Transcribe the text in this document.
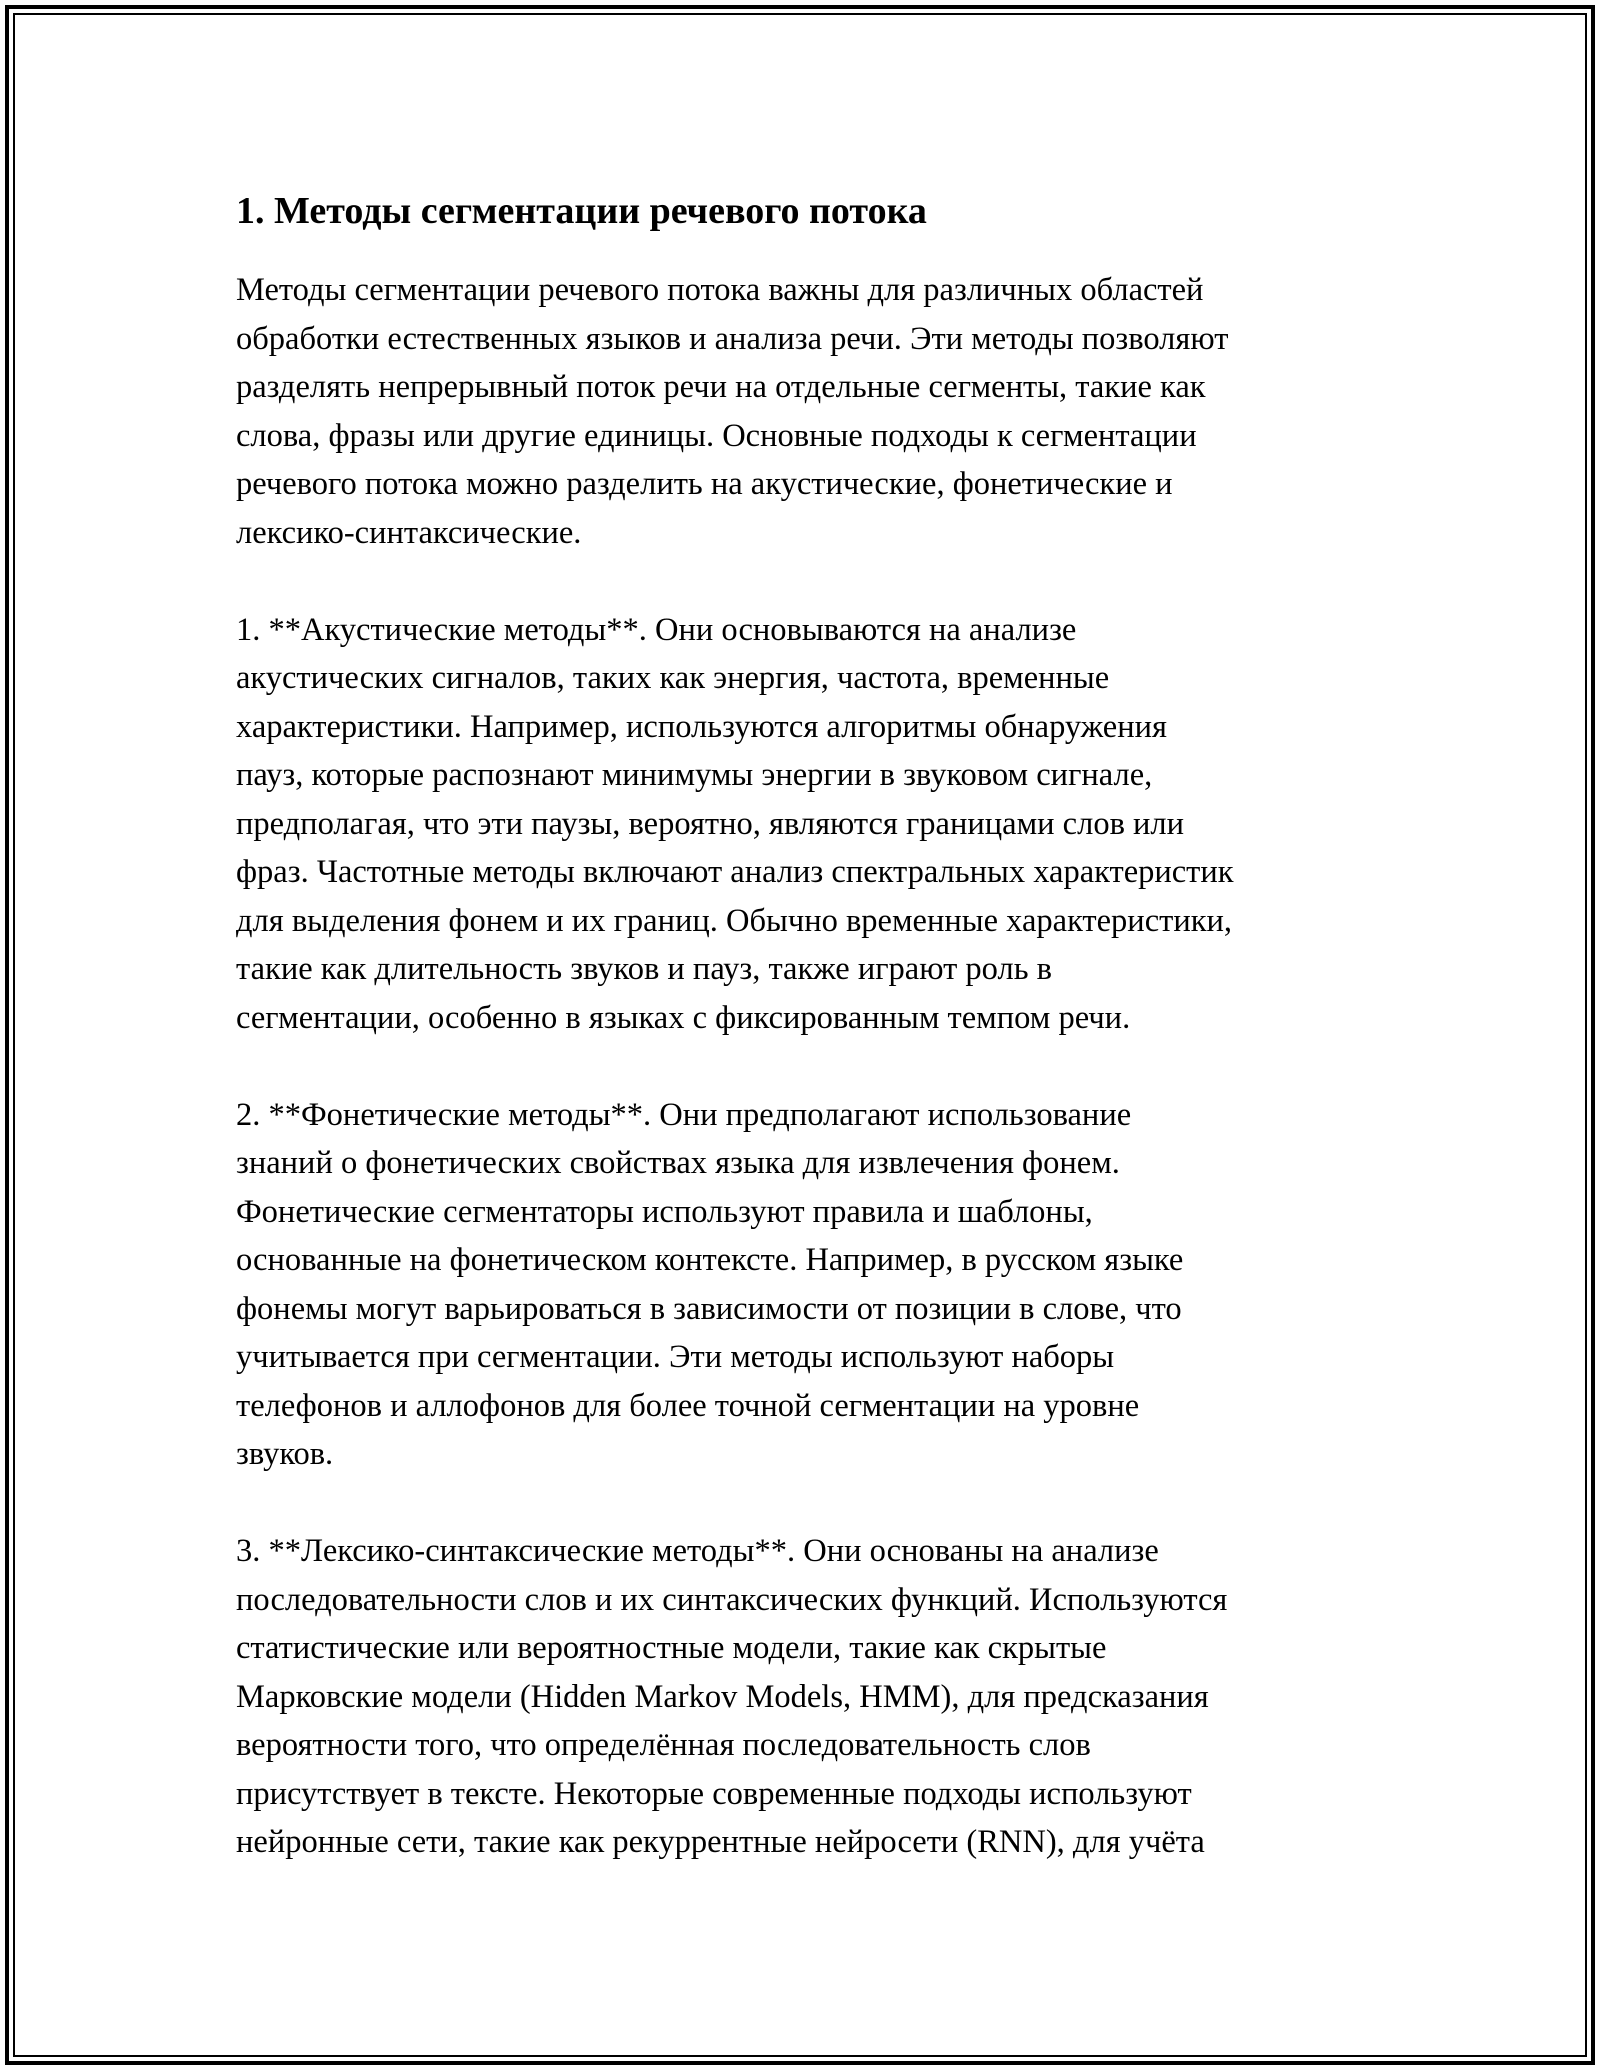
1. Методы сегментации речевого потока

Методы сегментации речевого потока важны для различных областей
обработки естественных языков и анализа речи. Эти методы позволяют
разделять непрерывный поток речи на отдельные сегменты, такие как
слова, фразы или другие единицы. Основные подходы к сегментации
речевого потока можно разделить на акустические, фонетические и
лексико-синтаксические.

1. **Акустические методы**. Они основываются на анализе
акустических сигналов, таких как энергия, частота, временные
характеристики. Например, используются алгоритмы обнаружения
пауз, которые распознают минимумы энергии в звуковом сигнале,
предполагая, что эти паузы, вероятно, являются границами слов или
фраз. Частотные методы включают анализ спектральных характеристик
для выделения фонем и их границ. Обычно временные характеристики,
такие как длительность звуков и пауз, также играют роль в
сегментации, особенно в языках с фиксированным темпом речи.

2. **Фонетические методы**. Они предполагают использование
знаний о фонетических свойствах языка для извлечения фонем.
Фонетические сегментаторы используют правила и шаблоны,
основанные на фонетическом контексте. Например, в русском языке
фонемы могут варьироваться в зависимости от позиции в слове, что
учитывается при сегментации. Эти методы используют наборы
телефонов и аллофонов для более точной сегментации на уровне
звуков.

3. **Лексико-синтаксические методы**. Они основаны на анализе
последовательности слов и их синтаксических функций. Используются
статистические или вероятностные модели, такие как скрытые
Марковские модели (Hidden Markov Models, HMM), для предсказания
вероятности того, что определённая последовательность слов
присутствует в тексте. Некоторые современные подходы используют
нейронные сети, такие как рекуррентные нейросети (RNN), для учёта
